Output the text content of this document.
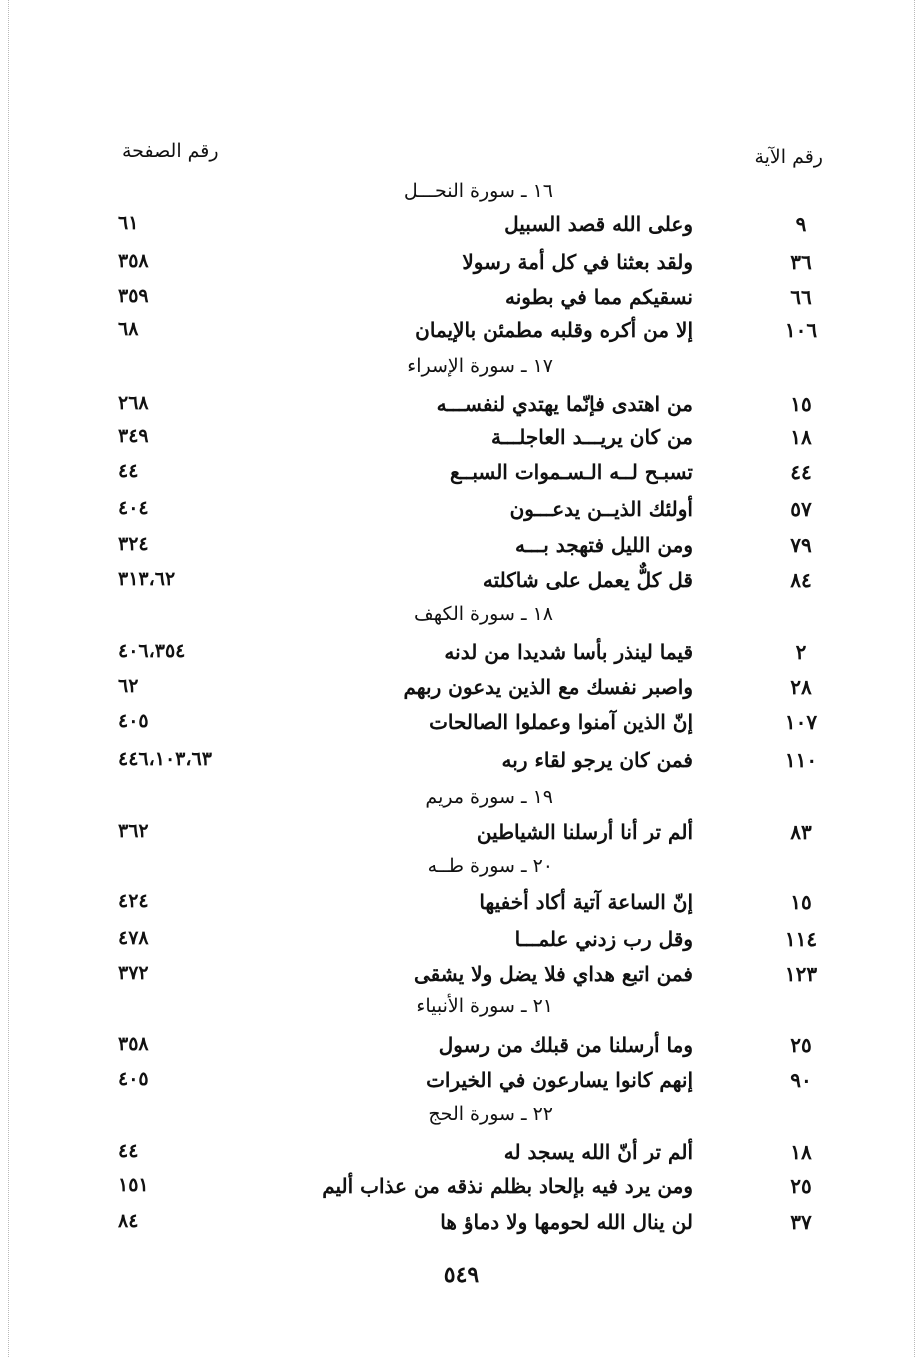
رقم الآية
رقم الصفحة
١٦ ـ سورة النحـــل
٩
وعلى الله قصد السبيل
٦١
٣٦
ولقد بعثنا في كل أمة رسولا
٣٥٨
٦٦
نسقيكم مما في بطونه
٣٥٩
١٠٦
إلا من أكره وقلبه مطمئن بالإيمان
٦٨
١٧ ـ سورة الإسراء
١٥
من اهتدى فإنّما يهتدي لنفســـه
٢٦٨
١٨
من كان يريـــد العاجلـــة
٣٤٩
٤٤
تسبـح لــه الـسـموات السبــع
٤٤
٥٧
أولئك الذيــن يدعـــون
٤٠٤
٧٩
ومن الليل فتهجد بـــه
٣٢٤
٨٤
قل كلٌّ يعمل على شاكلته
٣١٣،٦٢
١٨ ـ سورة الكهف
٢
قيما لينذر بأسا شديدا من لدنه
٤٠٦،٣٥٤
٢٨
واصبر نفسك مع الذين يدعون ربهم
٦٢
١٠٧
إنّ الذين آمنوا وعملوا الصالحات
٤٠٥
١١٠
فمن كان يرجو لقاء ربه
٤٤٦،١٠٣،٦٣
١٩ ـ سورة مريم
٨٣
ألم تر أنا أرسلنا الشياطين
٣٦٢
٢٠ ـ سورة طــه
١٥
إنّ الساعة آتية أكاد أخفيها
٤٢٤
١١٤
وقل رب زدني علمـــا
٤٧٨
١٢٣
فمن اتبع هداي فلا يضل ولا يشقى
٣٧٢
٢١ ـ سورة الأنبياء
٢٥
وما أرسلنا من قبلك من رسول
٣٥٨
٩٠
إنهم كانوا يسارعون في الخيرات
٤٠٥
٢٢ ـ سورة الحج
١٨
ألم تر أنّ الله يسجد له
٤٤
٢٥
ومن يرد فيه بإلحاد بظلم نذقه من عذاب أليم
١٥١
٣٧
لن ينال الله لحومها ولا دماؤ ها
٨٤
٥٤٩
